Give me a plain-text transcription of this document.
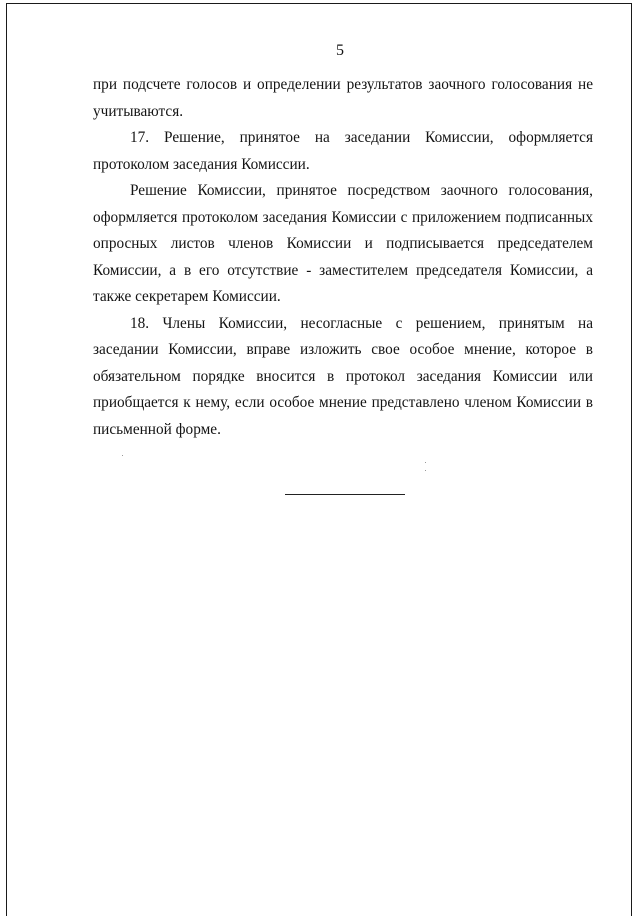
5

при подсчете голосов и определении результатов заочного голосования не учитываются.

17. Решение, принятое на заседании Комиссии, оформляется протоколом заседания Комиссии.

Решение Комиссии, принятое посредством заочного голосования, оформляется протоколом заседания Комиссии с приложением подписанных опросных листов членов Комиссии и подписывается председателем Комиссии, а в его отсутствие - заместителем председателя Комиссии, а также секретарем Комиссии.

18. Члены Комиссии, несогласные с решением, принятым на заседании Комиссии, вправе изложить свое особое мнение, которое в обязательном порядке вносится в протокол заседания Комиссии или приобщается к нему, если особое мнение представлено членом Комиссии в письменной форме.
